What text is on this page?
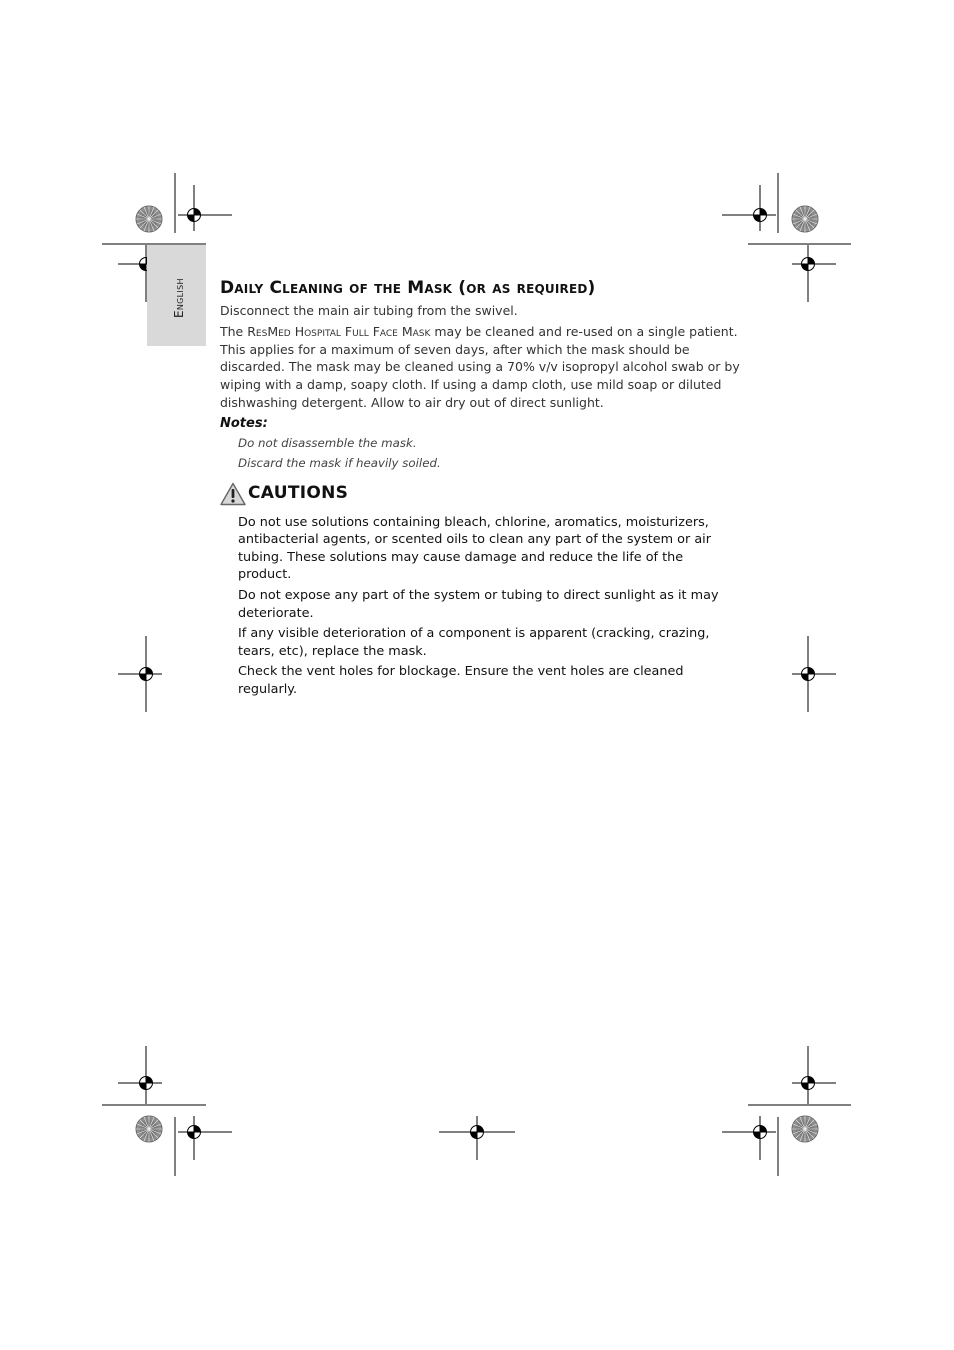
English Daily Cleaning of the Mask (or as required)

Disconnect the main air tubing from the swivel.

The ResMed Hospital Full Face Mask may be cleaned and re-used on a single patient. This applies for a maximum of seven days, after which the mask should be discarded. The mask may be cleaned using a 70% v/v isopropyl alcohol swab or by wiping with a damp, soapy cloth. If using a damp cloth, use mild soap or diluted dishwashing detergent. Allow to air dry out of direct sunlight.

Notes:
Do not disassemble the mask.
Discard the mask if heavily soiled.
CAUTIONS
Do not use solutions containing bleach, chlorine, aromatics, moisturizers, antibacterial agents, or scented oils to clean any part of the system or air tubing. These solutions may cause damage and reduce the life of the product.
Do not expose any part of the system or tubing to direct sunlight as it may deteriorate.
If any visible deterioration of a component is apparent (cracking, crazing, tears, etc), replace the mask.
Check the vent holes for blockage. Ensure the vent holes are cleaned regularly.
